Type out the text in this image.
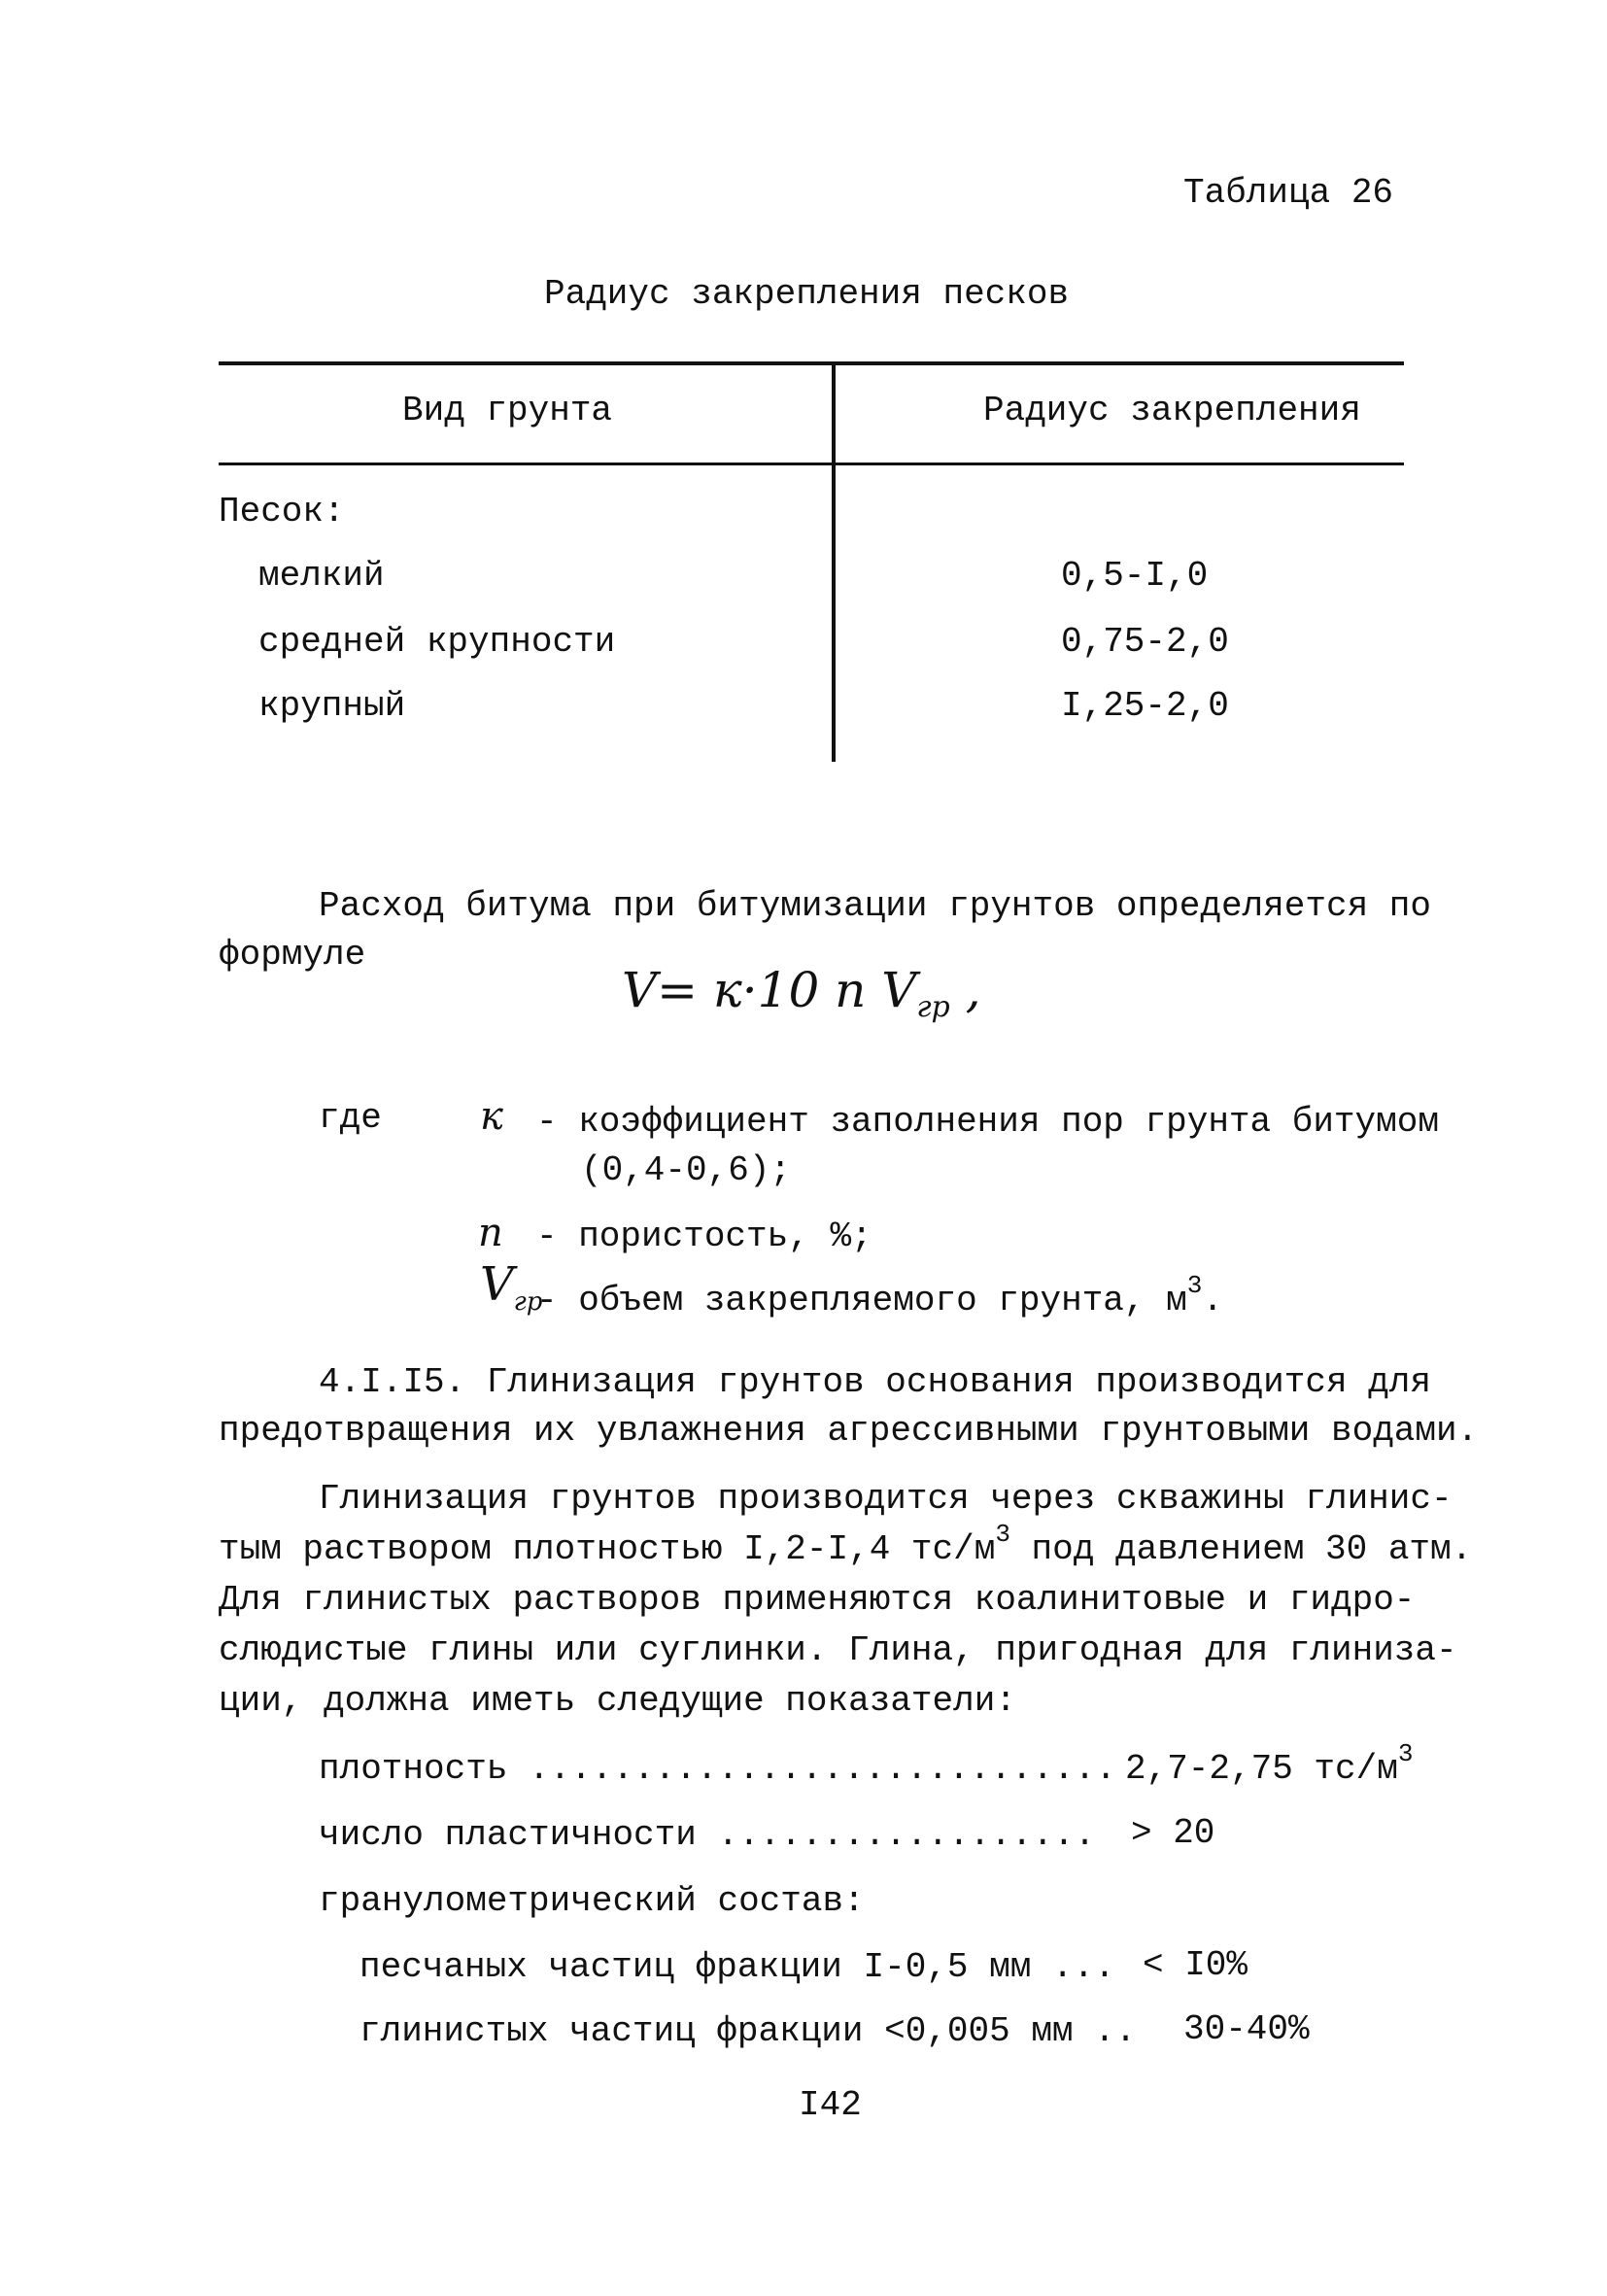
Таблица 26
Радиус закрепления песков
Вид грунта	Радиус закрепления
Песок:
мелкий	0,5-I,0
средней крупности	0,75-2,0
крупный	I,25-2,0
Расход битума при битумизации грунтов определяется по
формуле
V= к·10 n $V_{гр}$ ,
где	к - коэффициент заполнения пор грунта битумом
(0,4-0,6);
n - пористость, %;
$V_{гр}$
- объем закрепляемого грунта, $м^3$.
4.I.I5. Глинизация грунтов основания производится для
предотвращения их увлажнения агрессивными грунтовыми водами.
Глинизация грунтов производится через скважины глинис-
тым раствором плотностью I,2-I,4 $тс/м^3$ под давлением 30 атм.
Для глинистых растворов применяются коалинитовые и гидро-
слюдистые глины или суглинки. Глина, пригодная для глиниза-
ции, должна иметь следущие показатели:
плотность ............................ 2,7-2,75 $тс/м^3$
число пластичности .................. > 20
гранулометрический состав:
песчаных частиц фракции I-0,5 мм ... < I0%
глинистых частиц фракции <0,005 мм .. 30-40%
I42
